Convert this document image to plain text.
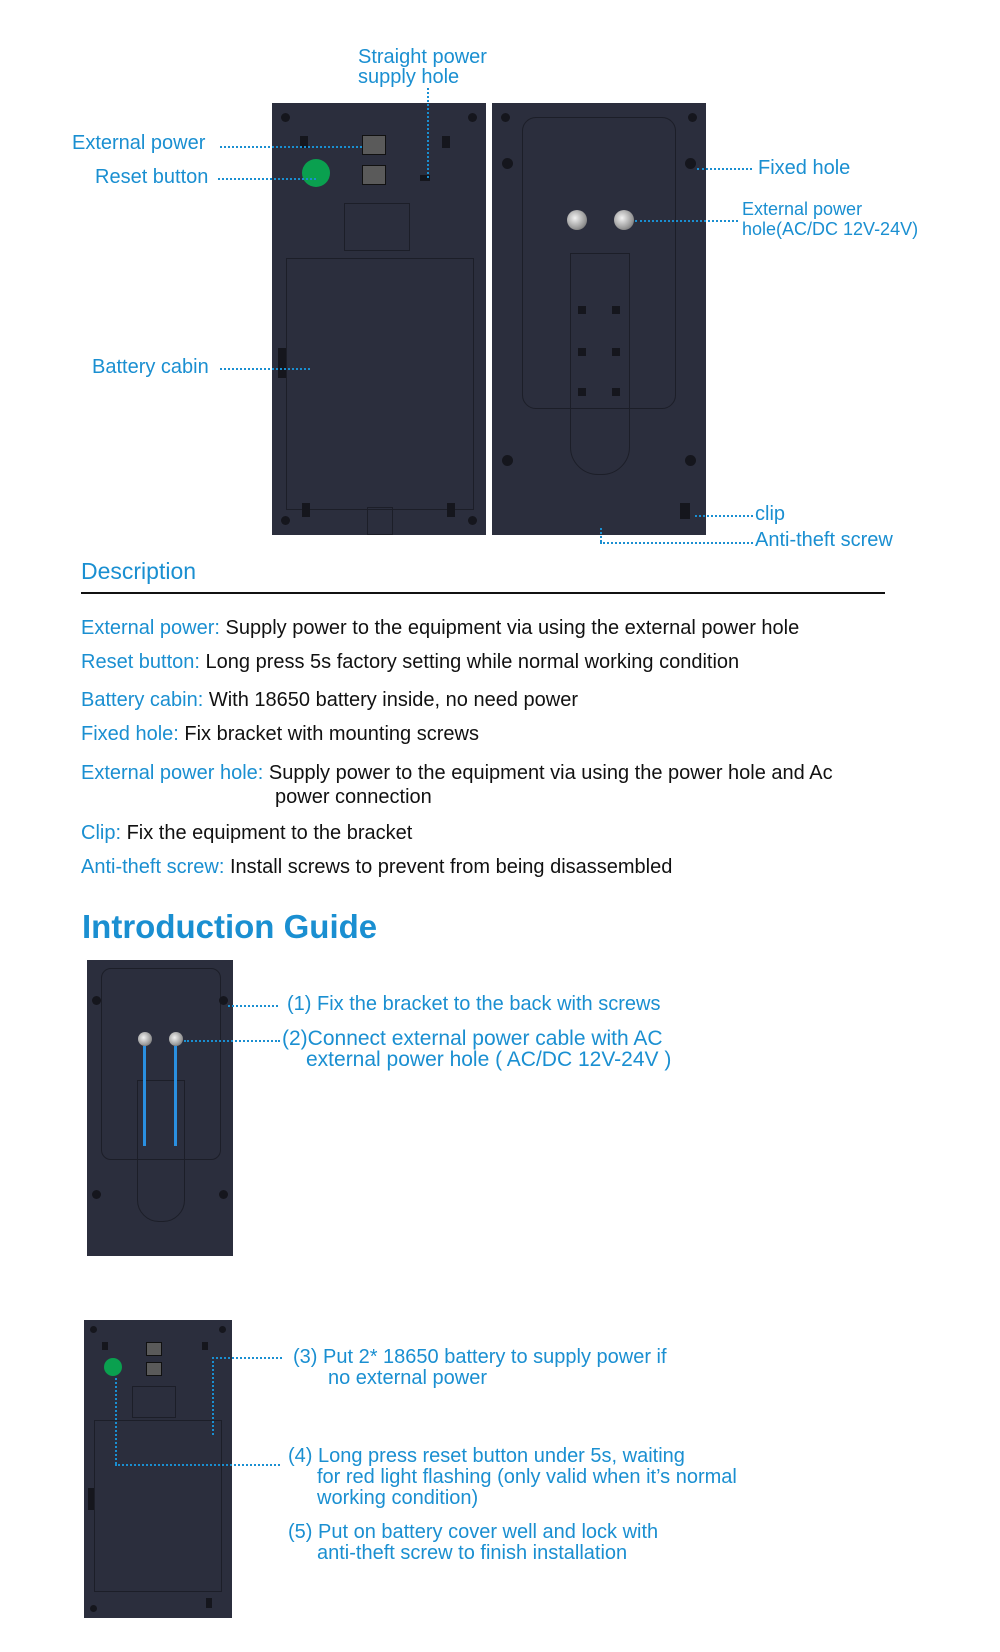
Straight power
supply hole
External power
Reset button
Battery cabin
Fixed hole
External power
hole(AC/DC 12V-24V)
clip
Anti-theft screw
Description
External power: Supply power to the equipment via using the external power hole
Reset button: Long press 5s factory setting while normal working condition
Battery cabin: With 18650 battery inside, no need power
Fixed hole: Fix bracket with mounting screws
External power hole: Supply power to the equipment via using the power hole and Ac
power connection
Clip: Fix the equipment to the bracket
Anti-theft screw: Install screws to prevent from being disassembled
Introduction Guide
(1) Fix the bracket to the back with screws
(2)Connect external power cable with AC
external power hole ( AC/DC 12V-24V )
(3) Put 2* 18650 battery to supply power if
no external power
(4) Long press reset button under 5s, waiting
for red light flashing (only valid when it’s normal
working condition)
(5) Put on battery cover well and lock with
anti-theft screw to finish installation
